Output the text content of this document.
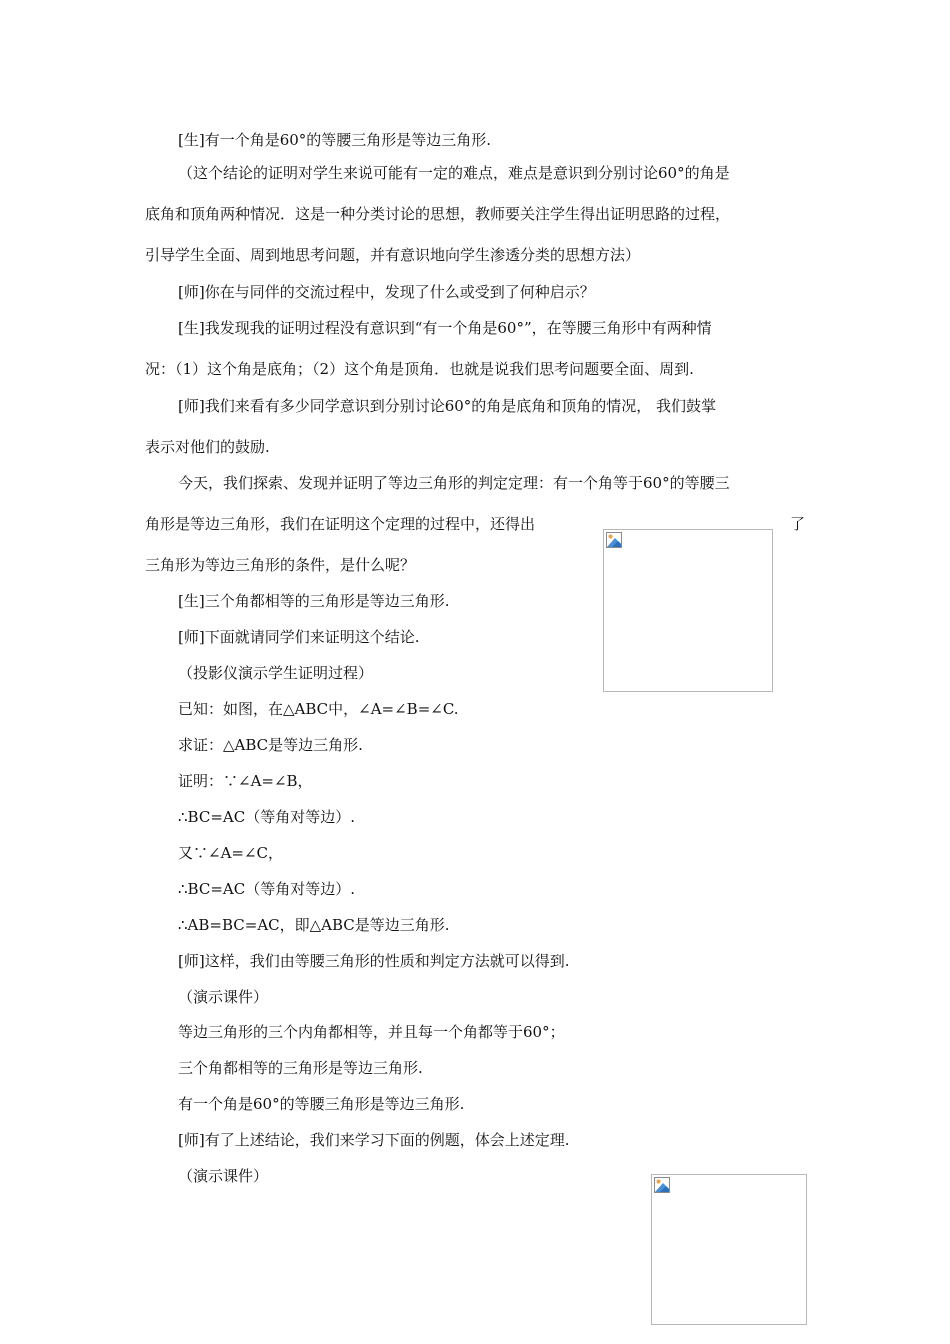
[生]有一个角是60°的等腰三角形是等边三角形.
（这个结论的证明对学生来说可能有一定的难点，难点是意识到分别讨论60°的角是
底角和顶角两种情况．这是一种分类讨论的思想，教师要关注学生得出证明思路的过程，
引导学生全面、周到地思考问题，并有意识地向学生渗透分类的思想方法）
[师]你在与同伴的交流过程中，发现了什么或受到了何种启示？
[生]我发现我的证明过程没有意识到“有一个角是60°”，在等腰三角形中有两种情
况：（1）这个角是底角；（2）这个角是顶角．也就是说我们思考问题要全面、周到.
[师]我们来看有多少同学意识到分别讨论60°的角是底角和顶角的情况， 我们鼓掌
表示对他们的鼓励.
今天，我们探索、发现并证明了等边三角形的判定定理：有一个角等于60°的等腰三
角形是等边三角形，我们在证明这个定理的过程中，还得出	了
三角形为等边三角形的条件，是什么呢？
[生]三个角都相等的三角形是等边三角形.
[师]下面就请同学们来证明这个结论.
（投影仪演示学生证明过程）
已知：如图，在△ABC中，∠A=∠B=∠C.
求证：△ABC是等边三角形.
证明：∵∠A=∠B，
∴BC=AC（等角对等边）.
又∵∠A=∠C，
∴BC=AC（等角对等边）.
∴AB=BC=AC，即△ABC是等边三角形.
[师]这样，我们由等腰三角形的性质和判定方法就可以得到.
（演示课件）
等边三角形的三个内角都相等，并且每一个角都等于60°；
三个角都相等的三角形是等边三角形.
有一个角是60°的等腰三角形是等边三角形.
[师]有了上述结论，我们来学习下面的例题，体会上述定理.
（演示课件）
